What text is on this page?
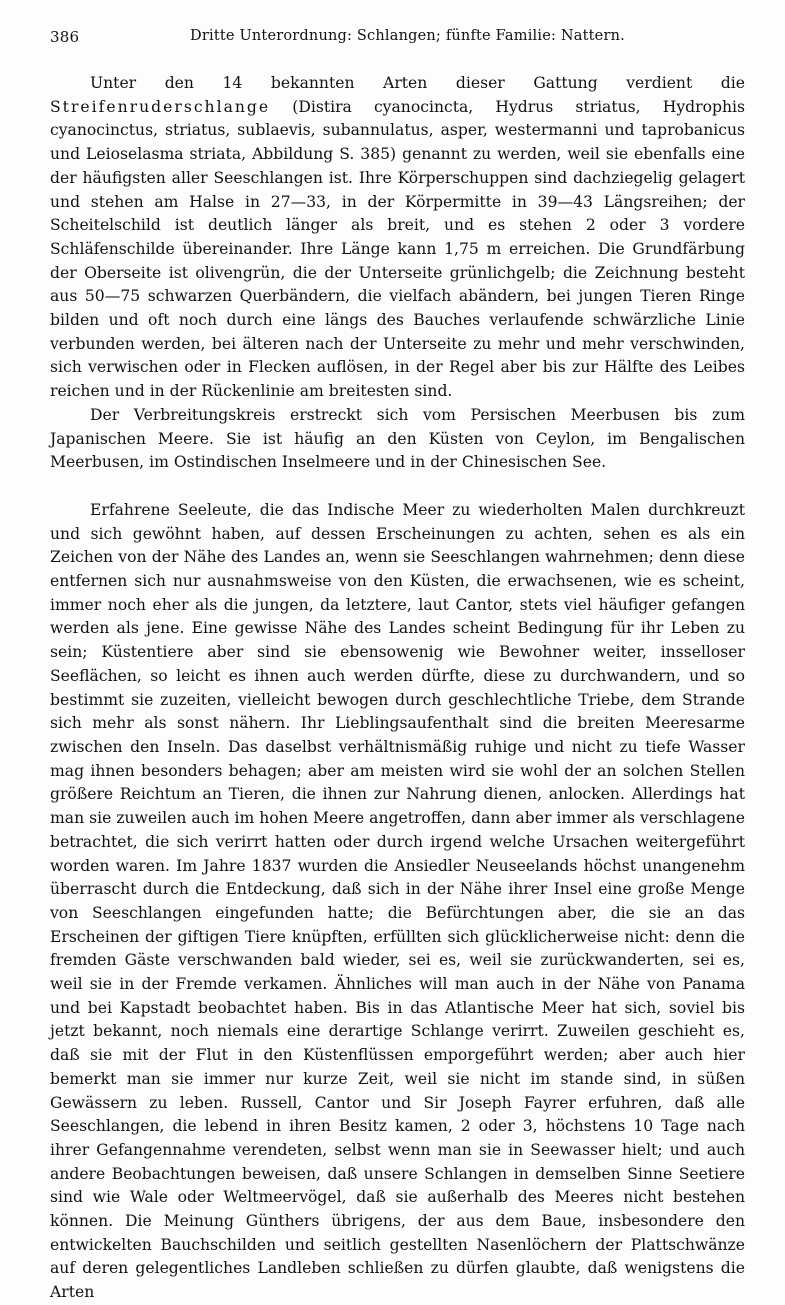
386	Dritte Unterordnung: Schlangen; fünfte Familie: Nattern.

Unter den 14 bekannten Arten dieser Gattung verdient die Streifenruderschlange (Distira cyanocincta, Hydrus striatus, Hydrophis cyanocinctus, striatus, sublaevis, subannulatus, asper, westermanni und taprobanicus und Leioselasma striata, Abbildung S. 385) genannt zu werden, weil sie ebenfalls eine der häufigsten aller Seeschlangen ist. Ihre Körperschuppen sind dachziegelig gelagert und stehen am Halse in 27—33, in der Körpermitte in 39—43 Längsreihen; der Scheitelschild ist deutlich länger als breit, und es stehen 2 oder 3 vordere Schläfenschilde übereinander. Ihre Länge kann 1,75 m erreichen. Die Grundfärbung der Oberseite ist olivengrün, die der Unterseite grünlichgelb; die Zeichnung besteht aus 50—75 schwarzen Querbändern, die vielfach abändern, bei jungen Tieren Ringe bilden und oft noch durch eine längs des Bauches verlaufende schwärzliche Linie verbunden werden, bei älteren nach der Unterseite zu mehr und mehr verschwinden, sich verwischen oder in Flecken auflösen, in der Regel aber bis zur Hälfte des Leibes reichen und in der Rückenlinie am breitesten sind.

Der Verbreitungskreis erstreckt sich vom Persischen Meerbusen bis zum Japanischen Meere. Sie ist häufig an den Küsten von Ceylon, im Bengalischen Meerbusen, im Ostindischen Inselmeere und in der Chinesischen See.

Erfahrene Seeleute, die das Indische Meer zu wiederholten Malen durchkreuzt und sich gewöhnt haben, auf dessen Erscheinungen zu achten, sehen es als ein Zeichen von der Nähe des Landes an, wenn sie Seeschlangen wahrnehmen; denn diese entfernen sich nur ausnahmsweise von den Küsten, die erwachsenen, wie es scheint, immer noch eher als die jungen, da letztere, laut Cantor, stets viel häufiger gefangen werden als jene. Eine gewisse Nähe des Landes scheint Bedingung für ihr Leben zu sein; Küstentiere aber sind sie ebensowenig wie Bewohner weiter, insselloser Seeflächen, so leicht es ihnen auch werden dürfte, diese zu durchwandern, und so bestimmt sie zuzeiten, vielleicht bewogen durch geschlechtliche Triebe, dem Strande sich mehr als sonst nähern. Ihr Lieblingsaufenthalt sind die breiten Meeresarme zwischen den Inseln. Das daselbst verhältnismäßig ruhige und nicht zu tiefe Wasser mag ihnen besonders behagen; aber am meisten wird sie wohl der an solchen Stellen größere Reichtum an Tieren, die ihnen zur Nahrung dienen, anlocken. Allerdings hat man sie zuweilen auch im hohen Meere angetroffen, dann aber immer als verschlagene betrachtet, die sich verirrt hatten oder durch irgend welche Ursachen weitergeführt worden waren. Im Jahre 1837 wurden die Ansiedler Neuseelands höchst unangenehm überrascht durch die Entdeckung, daß sich in der Nähe ihrer Insel eine große Menge von Seeschlangen eingefunden hatte; die Befürchtungen aber, die sie an das Erscheinen der giftigen Tiere knüpften, erfüllten sich glücklicherweise nicht: denn die fremden Gäste verschwanden bald wieder, sei es, weil sie zurückwanderten, sei es, weil sie in der Fremde verkamen. Ähnliches will man auch in der Nähe von Panama und bei Kapstadt beobachtet haben. Bis in das Atlantische Meer hat sich, soviel bis jetzt bekannt, noch niemals eine derartige Schlange verirrt. Zuweilen geschieht es, daß sie mit der Flut in den Küstenflüssen emporgeführt werden; aber auch hier bemerkt man sie immer nur kurze Zeit, weil sie nicht im stande sind, in süßen Gewässern zu leben. Russell, Cantor und Sir Joseph Fayrer erfuhren, daß alle Seeschlangen, die lebend in ihren Besitz kamen, 2 oder 3, höchstens 10 Tage nach ihrer Gefangennahme verendeten, selbst wenn man sie in Seewasser hielt; und auch andere Beobachtungen beweisen, daß unsere Schlangen in demselben Sinne Seetiere sind wie Wale oder Weltmeervögel, daß sie außerhalb des Meeres nicht bestehen können. Die Meinung Günthers übrigens, der aus dem Baue, insbesondere den entwickelten Bauchschilden und seitlich gestellten Nasenlöchern der Plattschwänze auf deren gelegentliches Landleben schließen zu dürfen glaubte, daß wenigstens die Arten
